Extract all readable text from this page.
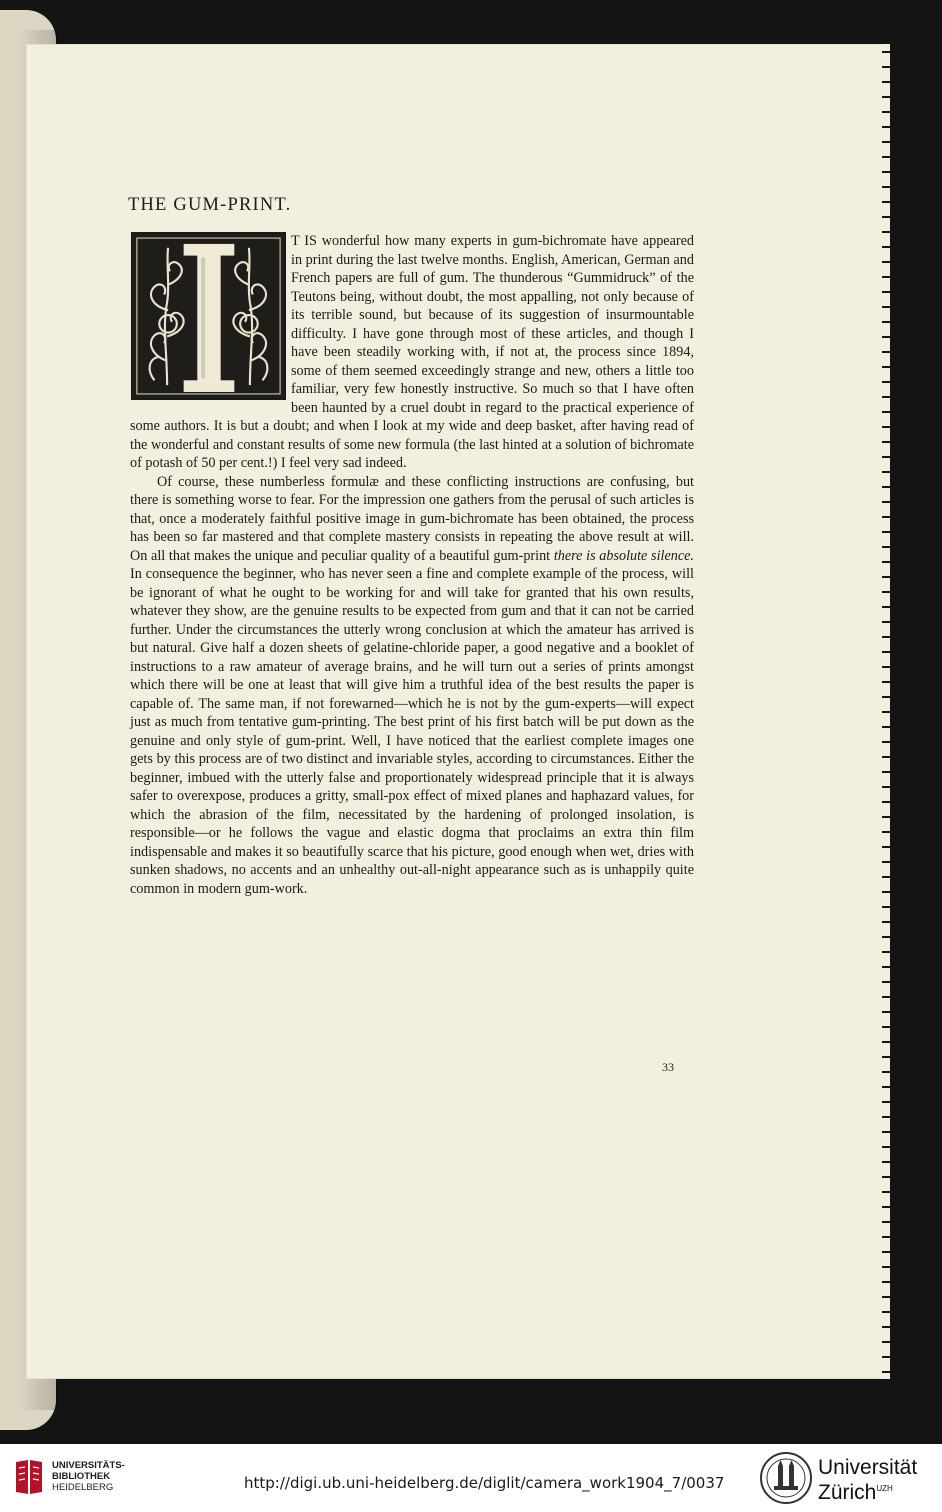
THE GUM-PRINT.

T IS wonderful how many experts in gum-bichromate have appeared in print during the last twelve months. English, American, German and French papers are full of gum. The thunderous “Gummidruck” of the Teutons being, without doubt, the most appalling, not only because of its terrible sound, but because of its suggestion of insurmountable difficulty. I have gone through most of these articles, and though I have been steadily working with, if not at, the process since 1894, some of them seemed exceedingly strange and new, others a little too familiar, very few honestly instructive. So much so that I have often been haunted by a cruel doubt in regard to the practical experience of some authors. It is but a doubt; and when I look at my wide and deep basket, after having read of the wonderful and constant results of some new formula (the last hinted at a solution of bichromate of potash of 50 per cent.!) I feel very sad indeed.

Of course, these numberless formulæ and these conflicting instructions are confusing, but there is something worse to fear. For the impression one gathers from the perusal of such articles is that, once a moderately faithful positive image in gum-bichromate has been obtained, the process has been so far mastered and that complete mastery consists in repeating the above result at will. On all that makes the unique and peculiar quality of a beautiful gum-print there is absolute silence. In consequence the beginner, who has never seen a fine and complete example of the process, will be ignorant of what he ought to be working for and will take for granted that his own results, whatever they show, are the genuine results to be expected from gum and that it can not be carried further. Under the circumstances the utterly wrong conclusion at which the amateur has arrived is but natural. Give half a dozen sheets of gelatine-chloride paper, a good negative and a booklet of instructions to a raw amateur of average brains, and he will turn out a series of prints amongst which there will be one at least that will give him a truthful idea of the best results the paper is capable of. The same man, if not forewarned—which he is not by the gum-experts—will expect just as much from tentative gum-printing. The best print of his first batch will be put down as the genuine and only style of gum-print. Well, I have noticed that the earliest complete images one gets by this process are of two distinct and invariable styles, according to circumstances. Either the beginner, imbued with the utterly false and proportionately widespread principle that it is always safer to overexpose, produces a gritty, small-pox effect of mixed planes and haphazard values, for which the abrasion of the film, necessitated by the hardening of prolonged insolation, is responsible—or he follows the vague and elastic dogma that proclaims an extra thin film indispensable and makes it so beautifully scarce that his picture, good enough when wet, dries with sunken shadows, no accents and an unhealthy out-all-night appearance such as is unhappily quite common in modern gum-work.

33
UNIVERSITÄTS-
BIBLIOTHEK
HEIDELBERG	http://digi.ub.uni-heidelberg.de/diglit/camera_work1904_7/0037
Universität
Zürich$^{UZH}$
